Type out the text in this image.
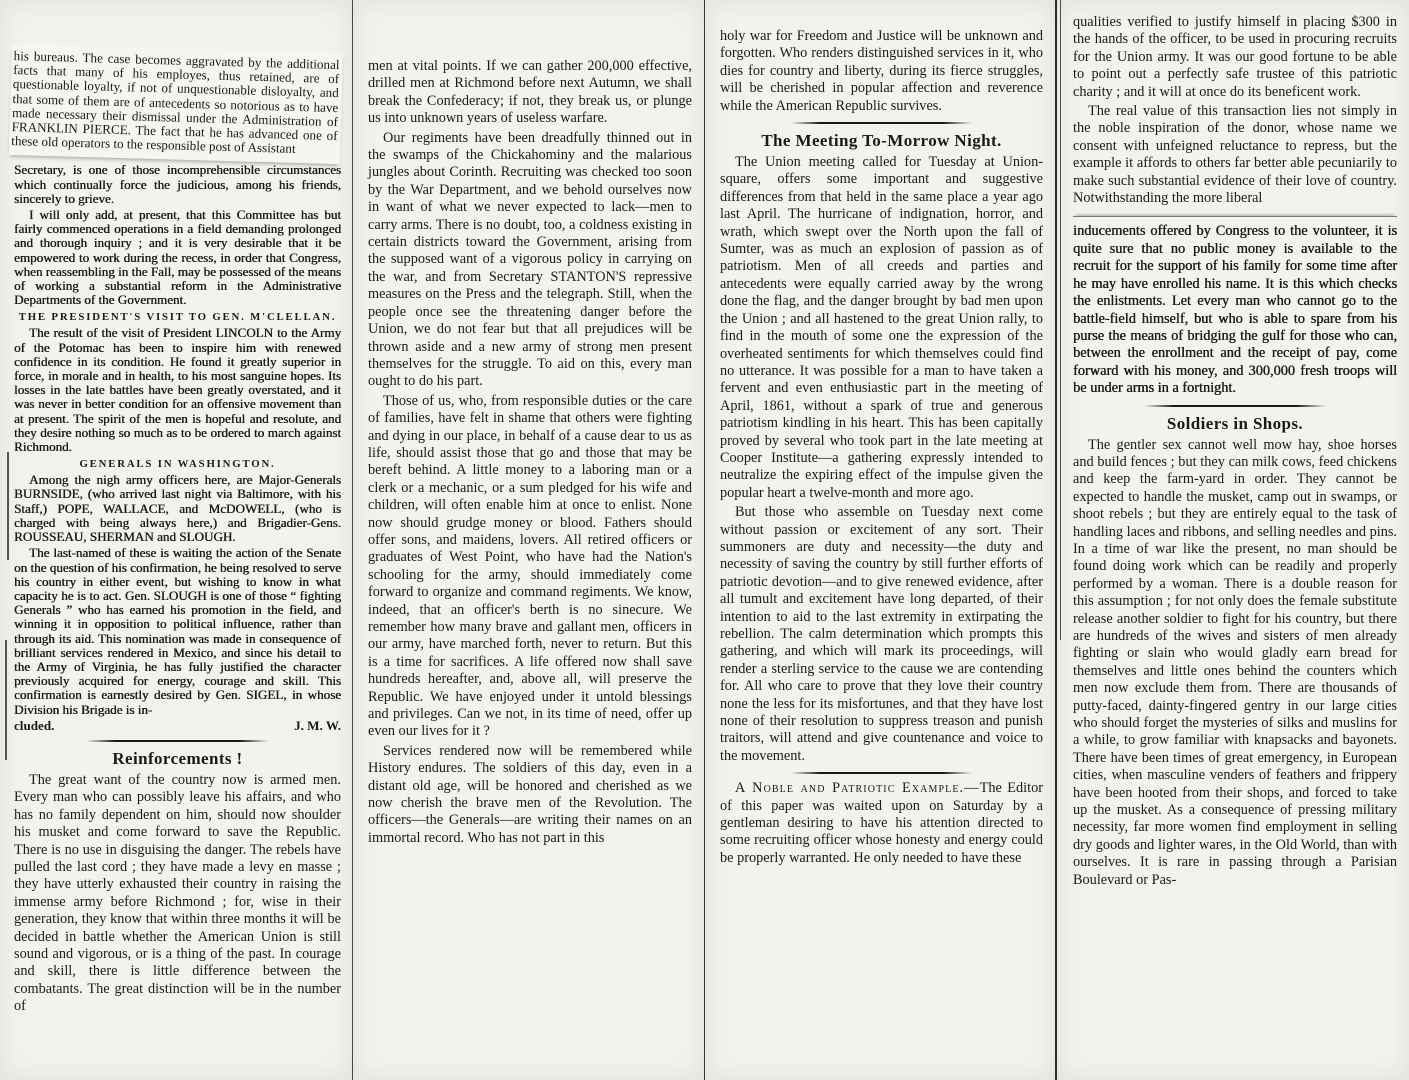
his bureaus. The case becomes aggravated by the additional facts that many of his employes, thus retained, are of questionable loyalty, if not of unquestionable disloyalty, and that some of them are of antecedents so notorious as to have made necessary their dismissal under the Administration of FRANKLIN PIERCE. The fact that he has advanced one of these old operators to the responsible post of Assistant

Secretary, is one of those incomprehensible circumstances which continually force the judicious, among his friends, sincerely to grieve.

I will only add, at present, that this Committee has but fairly commenced operations in a field demanding prolonged and thorough inquiry ; and it is very desirable that it be empowered to work during the recess, in order that Congress, when reassembling in the Fall, may be possessed of the means of working a substantial reform in the Administrative Departments of the Government.

THE PRESIDENT'S VISIT TO GEN. M'CLELLAN.

The result of the visit of President LINCOLN to the Army of the Potomac has been to inspire him with renewed confidence in its condition. He found it greatly superior in force, in morale and in health, to his most sanguine hopes. Its losses in the late battles have been greatly overstated, and it was never in better condition for an offensive movement than at present. The spirit of the men is hopeful and resolute, and they desire nothing so much as to be ordered to march against Richmond.

GENERALS IN WASHINGTON.

Among the nigh army officers here, are Major-Generals BURNSIDE, (who arrived last night via Baltimore, with his Staff,) POPE, WALLACE, and McDOWELL, (who is charged with being always here,) and Brigadier-Gens. ROUSSEAU, SHERMAN and SLOUGH.

The last-named of these is waiting the action of the Senate on the question of his confirmation, he being resolved to serve his country in either event, but wishing to know in what capacity he is to act. Gen. SLOUGH is one of those “ fighting Generals ” who has earned his promotion in the field, and winning it in opposition to political influence, rather than through its aid. This nomination was made in consequence of brilliant services rendered in Mexico, and since his detail to the Army of Virginia, he has fully justified the character previously acquired for energy, courage and skill. This confirmation is earnestly desired by Gen. SIGEL, in whose Division his Brigade is in-

cluded.	J. M. W.

Reinforcements !

The great want of the country now is armed men. Every man who can possibly leave his affairs, and who has no family dependent on him, should now shoulder his musket and come forward to save the Republic. There is no use in disguising the danger. The rebels have pulled the last cord ; they have made a levy en masse ; they have utterly exhausted their country in raising the immense army before Richmond ; for, wise in their generation, they know that within three months it will be decided in battle whether the American Union is still sound and vigorous, or is a thing of the past. In courage and skill, there is little difference between the combatants. The great distinction will be in the number of

men at vital points. If we can gather 200,000 effective, drilled men at Richmond before next Autumn, we shall break the Confederacy; if not, they break us, or plunge us into unknown years of useless warfare.

Our regiments have been dreadfully thinned out in the swamps of the Chickahominy and the malarious jungles about Corinth. Recruiting was checked too soon by the War Department, and we behold ourselves now in want of what we never expected to lack—men to carry arms. There is no doubt, too, a coldness existing in certain districts toward the Government, arising from the supposed want of a vigorous policy in carrying on the war, and from Secretary STANTON'S repressive measures on the Press and the telegraph. Still, when the people once see the threatening danger before the Union, we do not fear but that all prejudices will be thrown aside and a new army of strong men present themselves for the struggle. To aid on this, every man ought to do his part.

Those of us, who, from responsible duties or the care of families, have felt in shame that others were fighting and dying in our place, in behalf of a cause dear to us as life, should assist those that go and those that may be bereft behind. A little money to a laboring man or a clerk or a mechanic, or a sum pledged for his wife and children, will often enable him at once to enlist. None now should grudge money or blood. Fathers should offer sons, and maidens, lovers. All retired officers or graduates of West Point, who have had the Nation's schooling for the army, should immediately come forward to organize and command regiments. We know, indeed, that an officer's berth is no sinecure. We remember how many brave and gallant men, officers in our army, have marched forth, never to return. But this is a time for sacrifices. A life offered now shall save hundreds hereafter, and, above all, will preserve the Republic. We have enjoyed under it untold blessings and privileges. Can we not, in its time of need, offer up even our lives for it ?

Services rendered now will be remembered while History endures. The soldiers of this day, even in a distant old age, will be honored and cherished as we now cherish the brave men of the Revolution. The officers—the Generals—are writing their names on an immortal record. Who has not part in this

holy war for Freedom and Justice will be unknown and forgotten. Who renders distinguished services in it, who dies for country and liberty, during its fierce struggles, will be cherished in popular affection and reverence while the American Republic survives.

The Meeting To-Morrow Night.

The Union meeting called for Tuesday at Union-square, offers some important and suggestive differences from that held in the same place a year ago last April. The hurricane of indignation, horror, and wrath, which swept over the North upon the fall of Sumter, was as much an explosion of passion as of patriotism. Men of all creeds and parties and antecedents were equally carried away by the wrong done the flag, and the danger brought by bad men upon the Union ; and all hastened to the great Union rally, to find in the mouth of some one the expression of the overheated sentiments for which themselves could find no utterance. It was possible for a man to have taken a fervent and even enthusiastic part in the meeting of April, 1861, without a spark of true and generous patriotism kindling in his heart. This has been capitally proved by several who took part in the late meeting at Cooper Institute—a gathering expressly intended to neutralize the expiring effect of the impulse given the popular heart a twelve-month and more ago.

But those who assemble on Tuesday next come without passion or excitement of any sort. Their summoners are duty and necessity—the duty and necessity of saving the country by still further efforts of patriotic devotion—and to give renewed evidence, after all tumult and excitement have long departed, of their intention to aid to the last extremity in extirpating the rebellion. The calm determination which prompts this gathering, and which will mark its proceedings, will render a sterling service to the cause we are contending for. All who care to prove that they love their country none the less for its misfortunes, and that they have lost none of their resolution to suppress treason and punish traitors, will attend and give countenance and voice to the movement.

A Noble and Patriotic Example.—The Editor of this paper was waited upon on Saturday by a gentleman desiring to have his attention directed to some recruiting officer whose honesty and energy could be properly warranted. He only needed to have these

qualities verified to justify himself in placing $300 in the hands of the officer, to be used in procuring recruits for the Union army. It was our good fortune to be able to point out a perfectly safe trustee of this patriotic charity ; and it will at once do its beneficent work.

The real value of this transaction lies not simply in the noble inspiration of the donor, whose name we consent with unfeigned reluctance to repress, but the example it affords to others far better able pecuniarily to make such substantial evidence of their love of country. Notwithstanding the more liberal

inducements offered by Congress to the volunteer, it is quite sure that no public money is available to the recruit for the support of his family for some time after he may have enrolled his name. It is this which checks the enlistments. Let every man who cannot go to the battle-field himself, but who is able to spare from his purse the means of bridging the gulf for those who can, between the enrollment and the receipt of pay, come forward with his money, and 300,000 fresh troops will be under arms in a fortnight.

Soldiers in Shops.

The gentler sex cannot well mow hay, shoe horses and build fences ; but they can milk cows, feed chickens and keep the farm-yard in order. They cannot be expected to handle the musket, camp out in swamps, or shoot rebels ; but they are entirely equal to the task of handling laces and ribbons, and selling needles and pins. In a time of war like the present, no man should be found doing work which can be readily and properly performed by a woman. There is a double reason for this assumption ; for not only does the female substitute release another soldier to fight for his country, but there are hundreds of the wives and sisters of men already fighting or slain who would gladly earn bread for themselves and little ones behind the counters which men now exclude them from. There are thousands of putty-faced, dainty-fingered gentry in our large cities who should forget the mysteries of silks and muslins for a while, to grow familiar with knapsacks and bayonets. There have been times of great emergency, in European cities, when masculine venders of feathers and frippery have been hooted from their shops, and forced to take up the musket. As a consequence of pressing military necessity, far more women find employment in selling dry goods and lighter wares, in the Old World, than with ourselves. It is rare in passing through a Parisian Boulevard or Pas-
